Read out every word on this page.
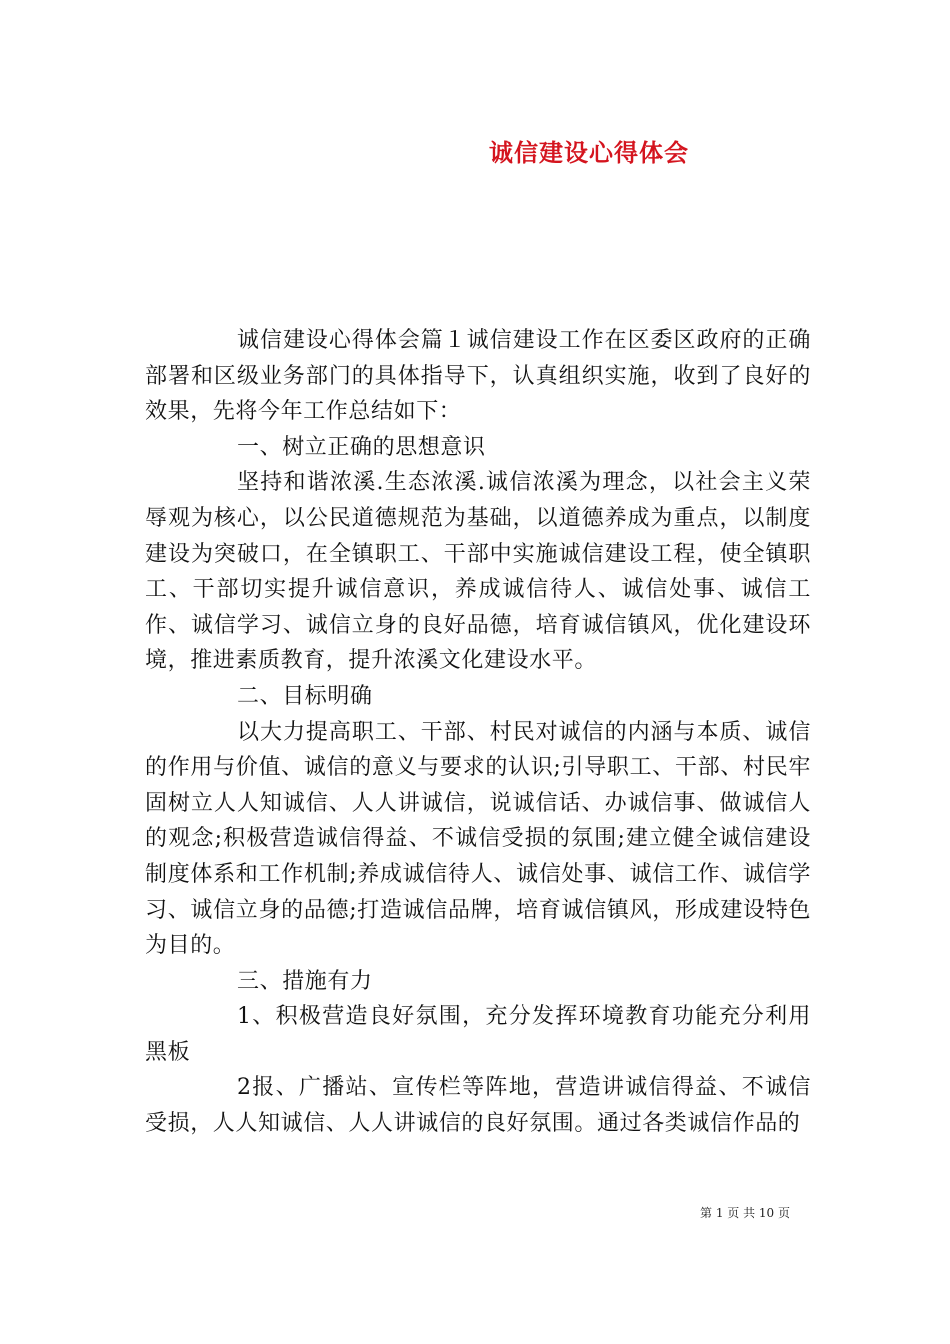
诚信建设心得体会

诚信建设心得体会篇１诚信建设工作在区委区政府的正确部署和区级业务部门的具体指导下，认真组织实施，收到了良好的效果，先将今年工作总结如下：

一、树立正确的思想意识

坚持和谐浓溪.生态浓溪.诚信浓溪为理念，以社会主义荣辱观为核心，以公民道德规范为基础，以道德养成为重点，以制度建设为突破口，在全镇职工、干部中实施诚信建设工程，使全镇职工、干部切实提升诚信意识，养成诚信待人、诚信处事、诚信工作、诚信学习、诚信立身的良好品德，培育诚信镇风，优化建设环境，推进素质教育，提升浓溪文化建设水平。

二、目标明确

以大力提高职工、干部、村民对诚信的内涵与本质、诚信的作用与价值、诚信的意义与要求的认识;引导职工、干部、村民牢固树立人人知诚信、人人讲诚信，说诚信话、办诚信事、做诚信人的观念;积极营造诚信得益、不诚信受损的氛围;建立健全诚信建设制度体系和工作机制;养成诚信待人、诚信处事、诚信工作、诚信学习、诚信立身的品德;打造诚信品牌，培育诚信镇风，形成建设特色为目的。

三、措施有力

1、积极营造良好氛围，充分发挥环境教育功能充分利用黑板

2报、广播站、宣传栏等阵地，营造讲诚信得益、不诚信受损，人人知诚信、人人讲诚信的良好氛围。通过各类诚信作品的

第 1 页 共 10 页
